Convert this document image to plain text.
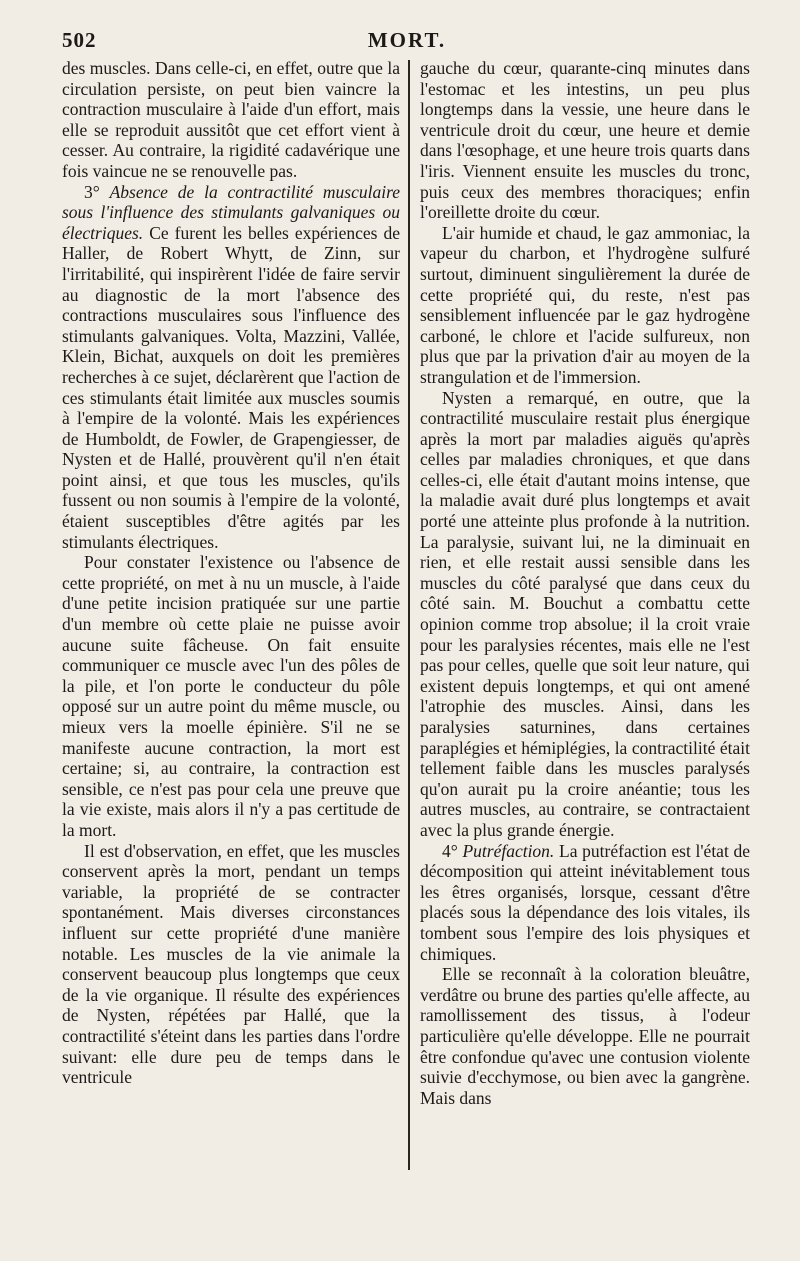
502	MORT.

des muscles. Dans celle-ci, en effet, outre que la circulation persiste, on peut bien vaincre la contraction musculaire à l'aide d'un effort, mais elle se reproduit aussitôt que cet effort vient à cesser. Au contraire, la rigidité cadavérique une fois vaincue ne se renouvelle pas.

3° Absence de la contractilité musculaire sous l'influence des stimulants galvaniques ou électriques. Ce furent les belles expériences de Haller, de Robert Whytt, de Zinn, sur l'irritabilité, qui inspirèrent l'idée de faire servir au diagnostic de la mort l'absence des contractions musculaires sous l'influence des stimulants galvaniques. Volta, Mazzini, Vallée, Klein, Bichat, auxquels on doit les premières recherches à ce sujet, déclarèrent que l'action de ces stimulants était limitée aux muscles soumis à l'empire de la volonté. Mais les expériences de Humboldt, de Fowler, de Grapengiesser, de Nysten et de Hallé, prouvèrent qu'il n'en était point ainsi, et que tous les muscles, qu'ils fussent ou non soumis à l'empire de la volonté, étaient susceptibles d'être agités par les stimulants électriques.

Pour constater l'existence ou l'absence de cette propriété, on met à nu un muscle, à l'aide d'une petite incision pratiquée sur une partie d'un membre où cette plaie ne puisse avoir aucune suite fâcheuse. On fait ensuite communiquer ce muscle avec l'un des pôles de la pile, et l'on porte le conducteur du pôle opposé sur un autre point du même muscle, ou mieux vers la moelle épinière. S'il ne se manifeste aucune contraction, la mort est certaine; si, au contraire, la contraction est sensible, ce n'est pas pour cela une preuve que la vie existe, mais alors il n'y a pas certitude de la mort.

Il est d'observation, en effet, que les muscles conservent après la mort, pendant un temps variable, la propriété de se contracter spontanément. Mais diverses circonstances influent sur cette propriété d'une manière notable. Les muscles de la vie animale la conservent beaucoup plus longtemps que ceux de la vie organique. Il résulte des expériences de Nysten, répétées par Hallé, que la contractilité s'éteint dans les parties dans l'ordre suivant: elle dure peu de temps dans le ventricule

gauche du cœur, quarante-cinq minutes dans l'estomac et les intestins, un peu plus longtemps dans la vessie, une heure dans le ventricule droit du cœur, une heure et demie dans l'œsophage, et une heure trois quarts dans l'iris. Viennent ensuite les muscles du tronc, puis ceux des membres thoraciques; enfin l'oreillette droite du cœur.

L'air humide et chaud, le gaz ammoniac, la vapeur du charbon, et l'hydrogène sulfuré surtout, diminuent singulièrement la durée de cette propriété qui, du reste, n'est pas sensiblement influencée par le gaz hydrogène carboné, le chlore et l'acide sulfureux, non plus que par la privation d'air au moyen de la strangulation et de l'immersion.

Nysten a remarqué, en outre, que la contractilité musculaire restait plus énergique après la mort par maladies aiguës qu'après celles par maladies chroniques, et que dans celles-ci, elle était d'autant moins intense, que la maladie avait duré plus longtemps et avait porté une atteinte plus profonde à la nutrition. La paralysie, suivant lui, ne la diminuait en rien, et elle restait aussi sensible dans les muscles du côté paralysé que dans ceux du côté sain. M. Bouchut a combattu cette opinion comme trop absolue; il la croit vraie pour les paralysies récentes, mais elle ne l'est pas pour celles, quelle que soit leur nature, qui existent depuis longtemps, et qui ont amené l'atrophie des muscles. Ainsi, dans les paralysies saturnines, dans certaines paraplégies et hémiplégies, la contractilité était tellement faible dans les muscles paralysés qu'on aurait pu la croire anéantie; tous les autres muscles, au contraire, se contractaient avec la plus grande énergie.

4° Putréfaction. La putréfaction est l'état de décomposition qui atteint inévitablement tous les êtres organisés, lorsque, cessant d'être placés sous la dépendance des lois vitales, ils tombent sous l'empire des lois physiques et chimiques.

Elle se reconnaît à la coloration bleuâtre, verdâtre ou brune des parties qu'elle affecte, au ramollissement des tissus, à l'odeur particulière qu'elle développe. Elle ne pourrait être confondue qu'avec une contusion violente suivie d'ecchymose, ou bien avec la gangrène. Mais dans
